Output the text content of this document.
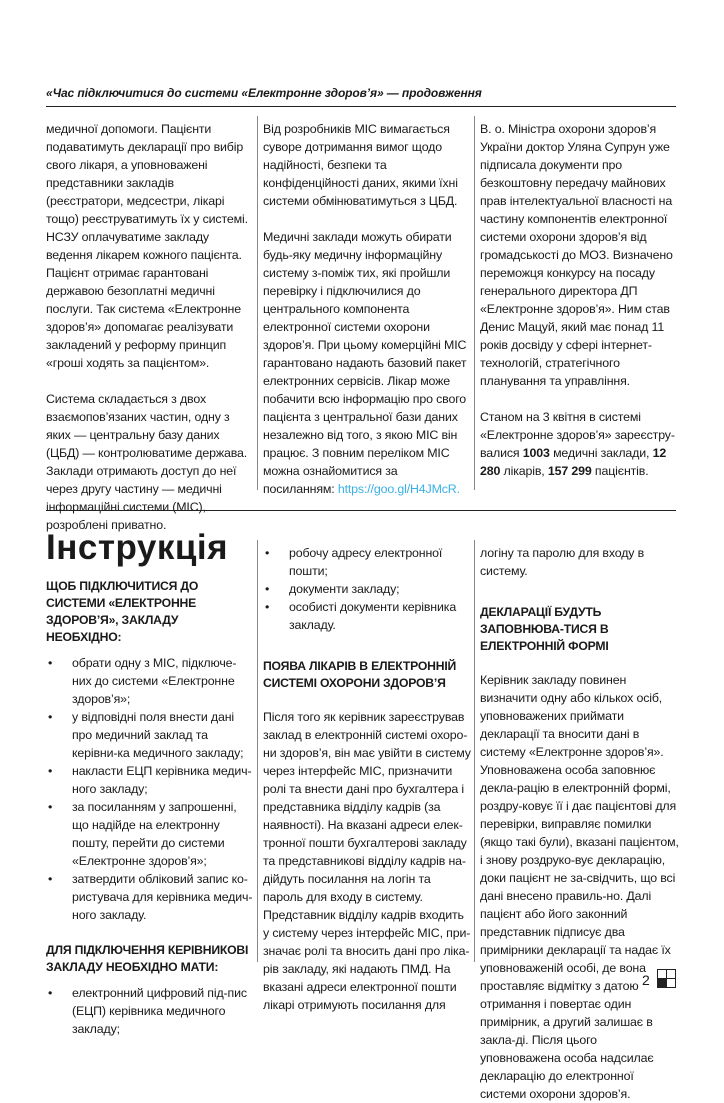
«Час підключитися до системи «Електронне здоров’я» — продовження

медичної допомоги. Пацієнти подаватимуть декларації про вибір свого лікаря, а уповноважені представники закладів (реєстратори, медсестри, лікарі тощо) реєструватимуть їх у системі. НСЗУ оплачуватиме закладу ведення лікарем кожного пацієнта. Пацієнт отримає гарантовані державою безоплатні медичні послуги. Так система «Електронне здоров’я» допомагає реалізувати закладений у реформу принцип «гроші ходять за пацієнтом».

Система складається з двох взаємопов’язаних частин, одну з яких — центральну базу даних (ЦБД) — контролюватиме держава. Заклади отримають доступ до неї через другу частину — медичні інформаційні системи (МІС), розроблені приватно.

Від розробників МІС вимагається суворе дотримання вимог щодо надійності, безпеки та конфіденційності даних, якими їхні системи обмінюватимуться з ЦБД.

Медичні заклади можуть обирати будь-яку медичну інформаційну систему з-поміж тих, які пройшли перевірку і підключилися до центрального компонента електронної системи охорони здоров’я. При цьому комерційні МІС гарантовано надають базовий пакет електронних сервісів. Лікар може побачити всю інформацію про свого пацієнта з центральної бази даних незалежно від того, з якою МІС він працює. З повним переліком МІС можна ознайомитися за посиланням: https://goo.gl/H4JMcR.

В. о. Міністра охорони здоров’я України доктор Уляна Супрун уже підписала документи про безкоштовну передачу майнових прав інтелектуальної власності на частину компонентів електронної системи охорони здоров’я від громадськості до МОЗ. Визначено переможця конкурсу на посаду генерального директора ДП «Електронне здоров’я». Ним став Денис Мацуй, який має понад 11 років досвіду у сфері інтернет-технологій, стратегічного планування та управління.

Станом на 3 квітня в системі «Електронне здоров’я» зареєстру-валися 1003 медичні заклади, 12 280 лікарів, 157 299 пацієнтів.

Інструкція
ЩОБ ПІДКЛЮЧИТИСЯ ДО СИСТЕМИ «ЕЛЕКТРОННЕ ЗДОРОВ’Я», ЗАКЛАДУ НЕОБХІДНО:
• обрати одну з МІС, підключе-них до системи «Електронне здоров’я»;
• у відповідні поля внести дані про медичний заклад та керівни-ка медичного закладу;
• накласти ЕЦП керівника медич-ного закладу;
• за посиланням у запрошенні, що надійде на електронну пошту, перейти до системи «Електронне здоров’я»;
• затвердити обліковий запис ко-ристувача для керівника медич-ного закладу.
ДЛЯ ПІДКЛЮЧЕННЯ КЕРІВНИКОВІ ЗАКЛАДУ НЕОБХІДНО МАТИ:
• електронний цифровий під-пис (ЕЦП) керівника медичного закладу;
• робочу адресу електронної пошти;
• документи закладу;
• особисті документи керівника закладу.
ПОЯВА ЛІКАРІВ В ЕЛЕКТРОННІЙ СИСТЕМІ ОХОРОНИ ЗДОРОВ’Я

Після того як керівник зареєстрував заклад в електронній системі охоро-ни здоров’я, він має увійти в систему через інтерфейс МІС, призначити ролі та внести дані про бухгалтера і представника відділу кадрів (за наявності). На вказані адреси елек-тронної пошти бухгалтерові закладу та представникові відділу кадрів на-дійдуть посилання на логін та пароль для входу в систему.

Представник відділу кадрів входить у систему через інтерфейс МІС, при-значає ролі та вносить дані про ліка-рів закладу, які надають ПМД. На вказані адреси електронної пошти лікарі отримують посилання для

логіну та паролю для входу в систему.

ДЕКЛАРАЦІЇ БУДУТЬ ЗАПОВНЮВА-ТИСЯ В ЕЛЕКТРОННІЙ ФОРМІ

Керівник закладу повинен визначити одну або кількох осіб, уповноважених приймати декларації та вносити дані в систему «Електронне здоров’я». Уповноважена особа заповнює декла-рацію в електронній формі, роздру-ковує її і дає пацієнтові для перевірки, виправляє помилки (якщо такі були), вказані пацієнтом, і знову роздруко-вує декларацію, доки пацієнт не за-свідчить, що всі дані внесено правиль-но. Далі пацієнт або його законний представник підписує два примірники декларації та надає їх уповноваженій особі, де вона проставляє відмітку з датою отримання і повертає один примірник, а другий залишає в закла-ді. Після цього уповноважена особа надсилає декларацію до електронної системи охорони здоров’я.

2
